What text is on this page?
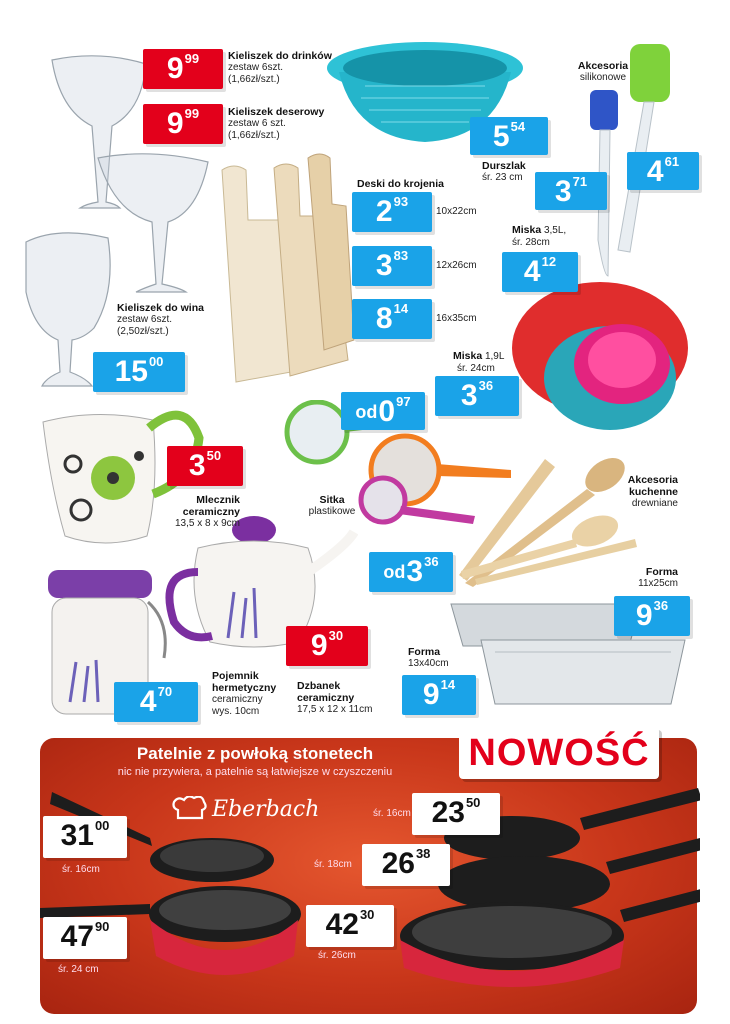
9 99	Kieliszek do drinków
zestaw 6szt.
(1,66zł/szt.)
9 99	Kieliszek deserowy
zestaw 6 szt.
(1,66zł/szt.)
Kieliszek do wina
zestaw 6szt.
(2,50zł/szt.)
15 00
5 54
Durszlak
śr. 23 cm
Akcesoria
silikonowe
3 71 4 61
Deski do krojenia
2 93
10x22cm
3 83
12x26cm
8 14
16x35cm
Miska 3,5L,
śr. 28cm
4 12
Miska 1,9L
śr. 24cm
3 36
od 0 97
Sitka
plastikowe
3 50
Mlecznik
ceramiczny
13,5 x 8 x 9cm
Akcesoria
kuchenne
drewniane
od 3 36
Forma
11x25cm
9 36
Forma
13x40cm
9 14
4 70
Pojemnik
hermetyczny
ceramiczny
wys. 10cm
9 30
Dzbanek
ceramiczny
17,5 x 12 x 11cm
NOWOŚĆ
Patelnie z powłoką stonetech
nic nie przywiera, a patelnie są łatwiejsze w czyszczeniu
Eberbach
31 00
śr. 16cm
47 90
śr. 24 cm
śr. 16cm 23 50
śr. 18cm 26 38
42 30
śr. 26cm
